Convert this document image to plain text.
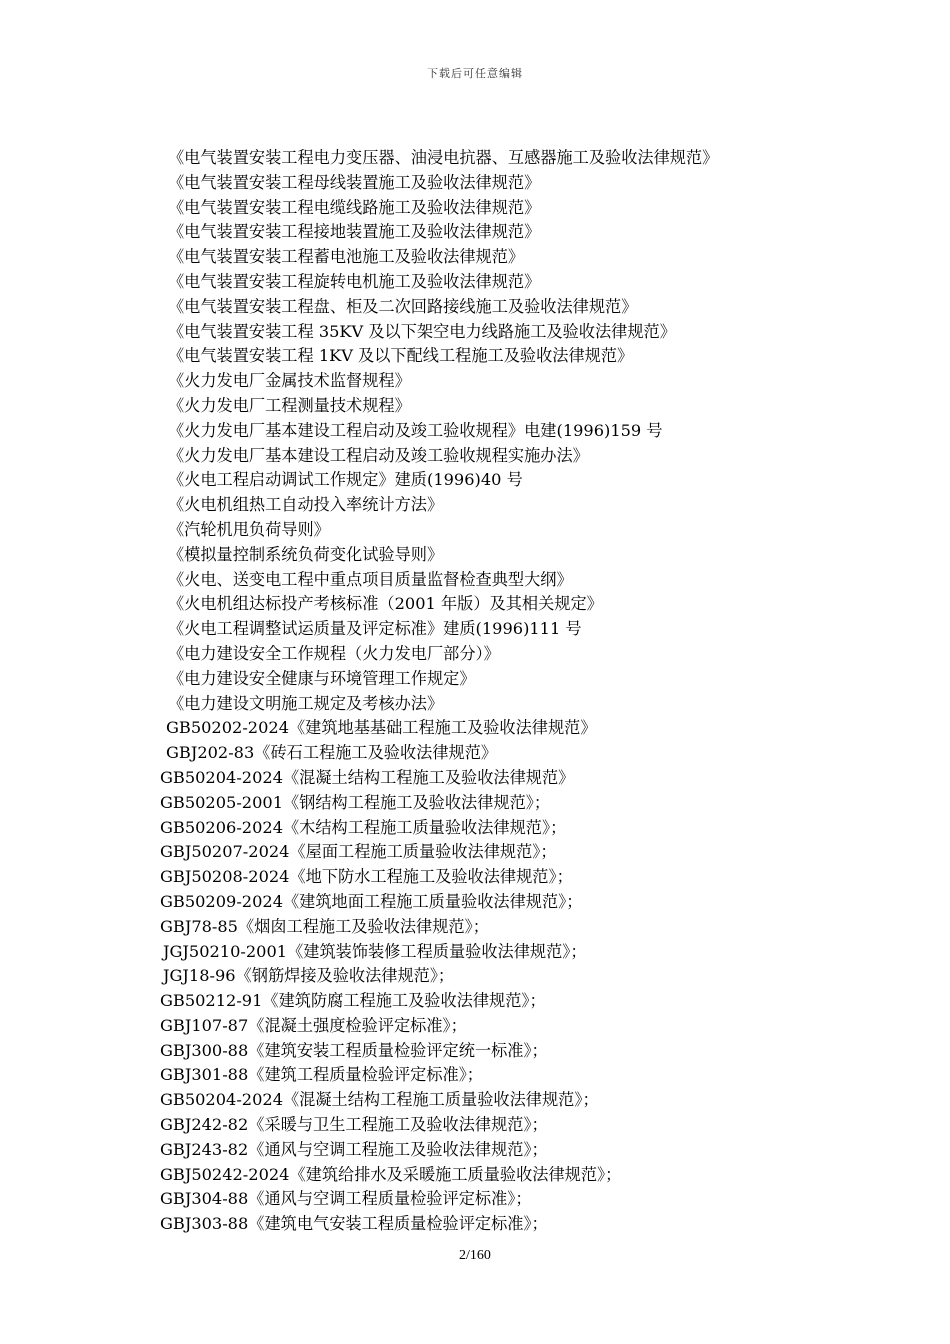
下载后可任意编辑
《电气装置安装工程电力变压器、油浸电抗器、互感器施工及验收法律规范》
《电气装置安装工程母线装置施工及验收法律规范》
《电气装置安装工程电缆线路施工及验收法律规范》
《电气装置安装工程接地装置施工及验收法律规范》
《电气装置安装工程蓄电池施工及验收法律规范》
《电气装置安装工程旋转电机施工及验收法律规范》
《电气装置安装工程盘、柜及二次回路接线施工及验收法律规范》
《电气装置安装工程 35KV 及以下架空电力线路施工及验收法律规范》
《电气装置安装工程 1KV 及以下配线工程施工及验收法律规范》
《火力发电厂金属技术监督规程》
《火力发电厂工程测量技术规程》
《火力发电厂基本建设工程启动及竣工验收规程》电建(1996)159 号
《火力发电厂基本建设工程启动及竣工验收规程实施办法》
《火电工程启动调试工作规定》建质(1996)40 号
《火电机组热工自动投入率统计方法》
《汽轮机甩负荷导则》
《模拟量控制系统负荷变化试验导则》
《火电、送变电工程中重点项目质量监督检查典型大纲》
《火电机组达标投产考核标准（2001 年版）及其相关规定》
《火电工程调整试运质量及评定标准》建质(1996)111 号
《电力建设安全工作规程（火力发电厂部分）》
《电力建设安全健康与环境管理工作规定》
《电力建设文明施工规定及考核办法》
GB50202-2024《建筑地基基础工程施工及验收法律规范》
GBJ202-83《砖石工程施工及验收法律规范》
GB50204-2024《混凝土结构工程施工及验收法律规范》
GB50205-2001《钢结构工程施工及验收法律规范》；
GB50206-2024《木结构工程施工质量验收法律规范》；
GBJ50207-2024《屋面工程施工质量验收法律规范》；
GBJ50208-2024《地下防水工程施工及验收法律规范》；
GB50209-2024《建筑地面工程施工质量验收法律规范》；
GBJ78-85《烟囱工程施工及验收法律规范》；
JGJ50210-2001《建筑装饰装修工程质量验收法律规范》；
JGJ18-96《钢筋焊接及验收法律规范》；
GB50212-91《建筑防腐工程施工及验收法律规范》；
GBJ107-87《混凝土强度检验评定标准》；
GBJ300-88《建筑安装工程质量检验评定统一标准》；
GBJ301-88《建筑工程质量检验评定标准》；
GB50204-2024《混凝土结构工程施工质量验收法律规范》；
GBJ242-82《采暖与卫生工程施工及验收法律规范》；
GBJ243-82《通风与空调工程施工及验收法律规范》；
GBJ50242-2024《建筑给排水及采暖施工质量验收法律规范》；
GBJ304-88《通风与空调工程质量检验评定标准》；
GBJ303-88《建筑电气安装工程质量检验评定标准》；
2/160
